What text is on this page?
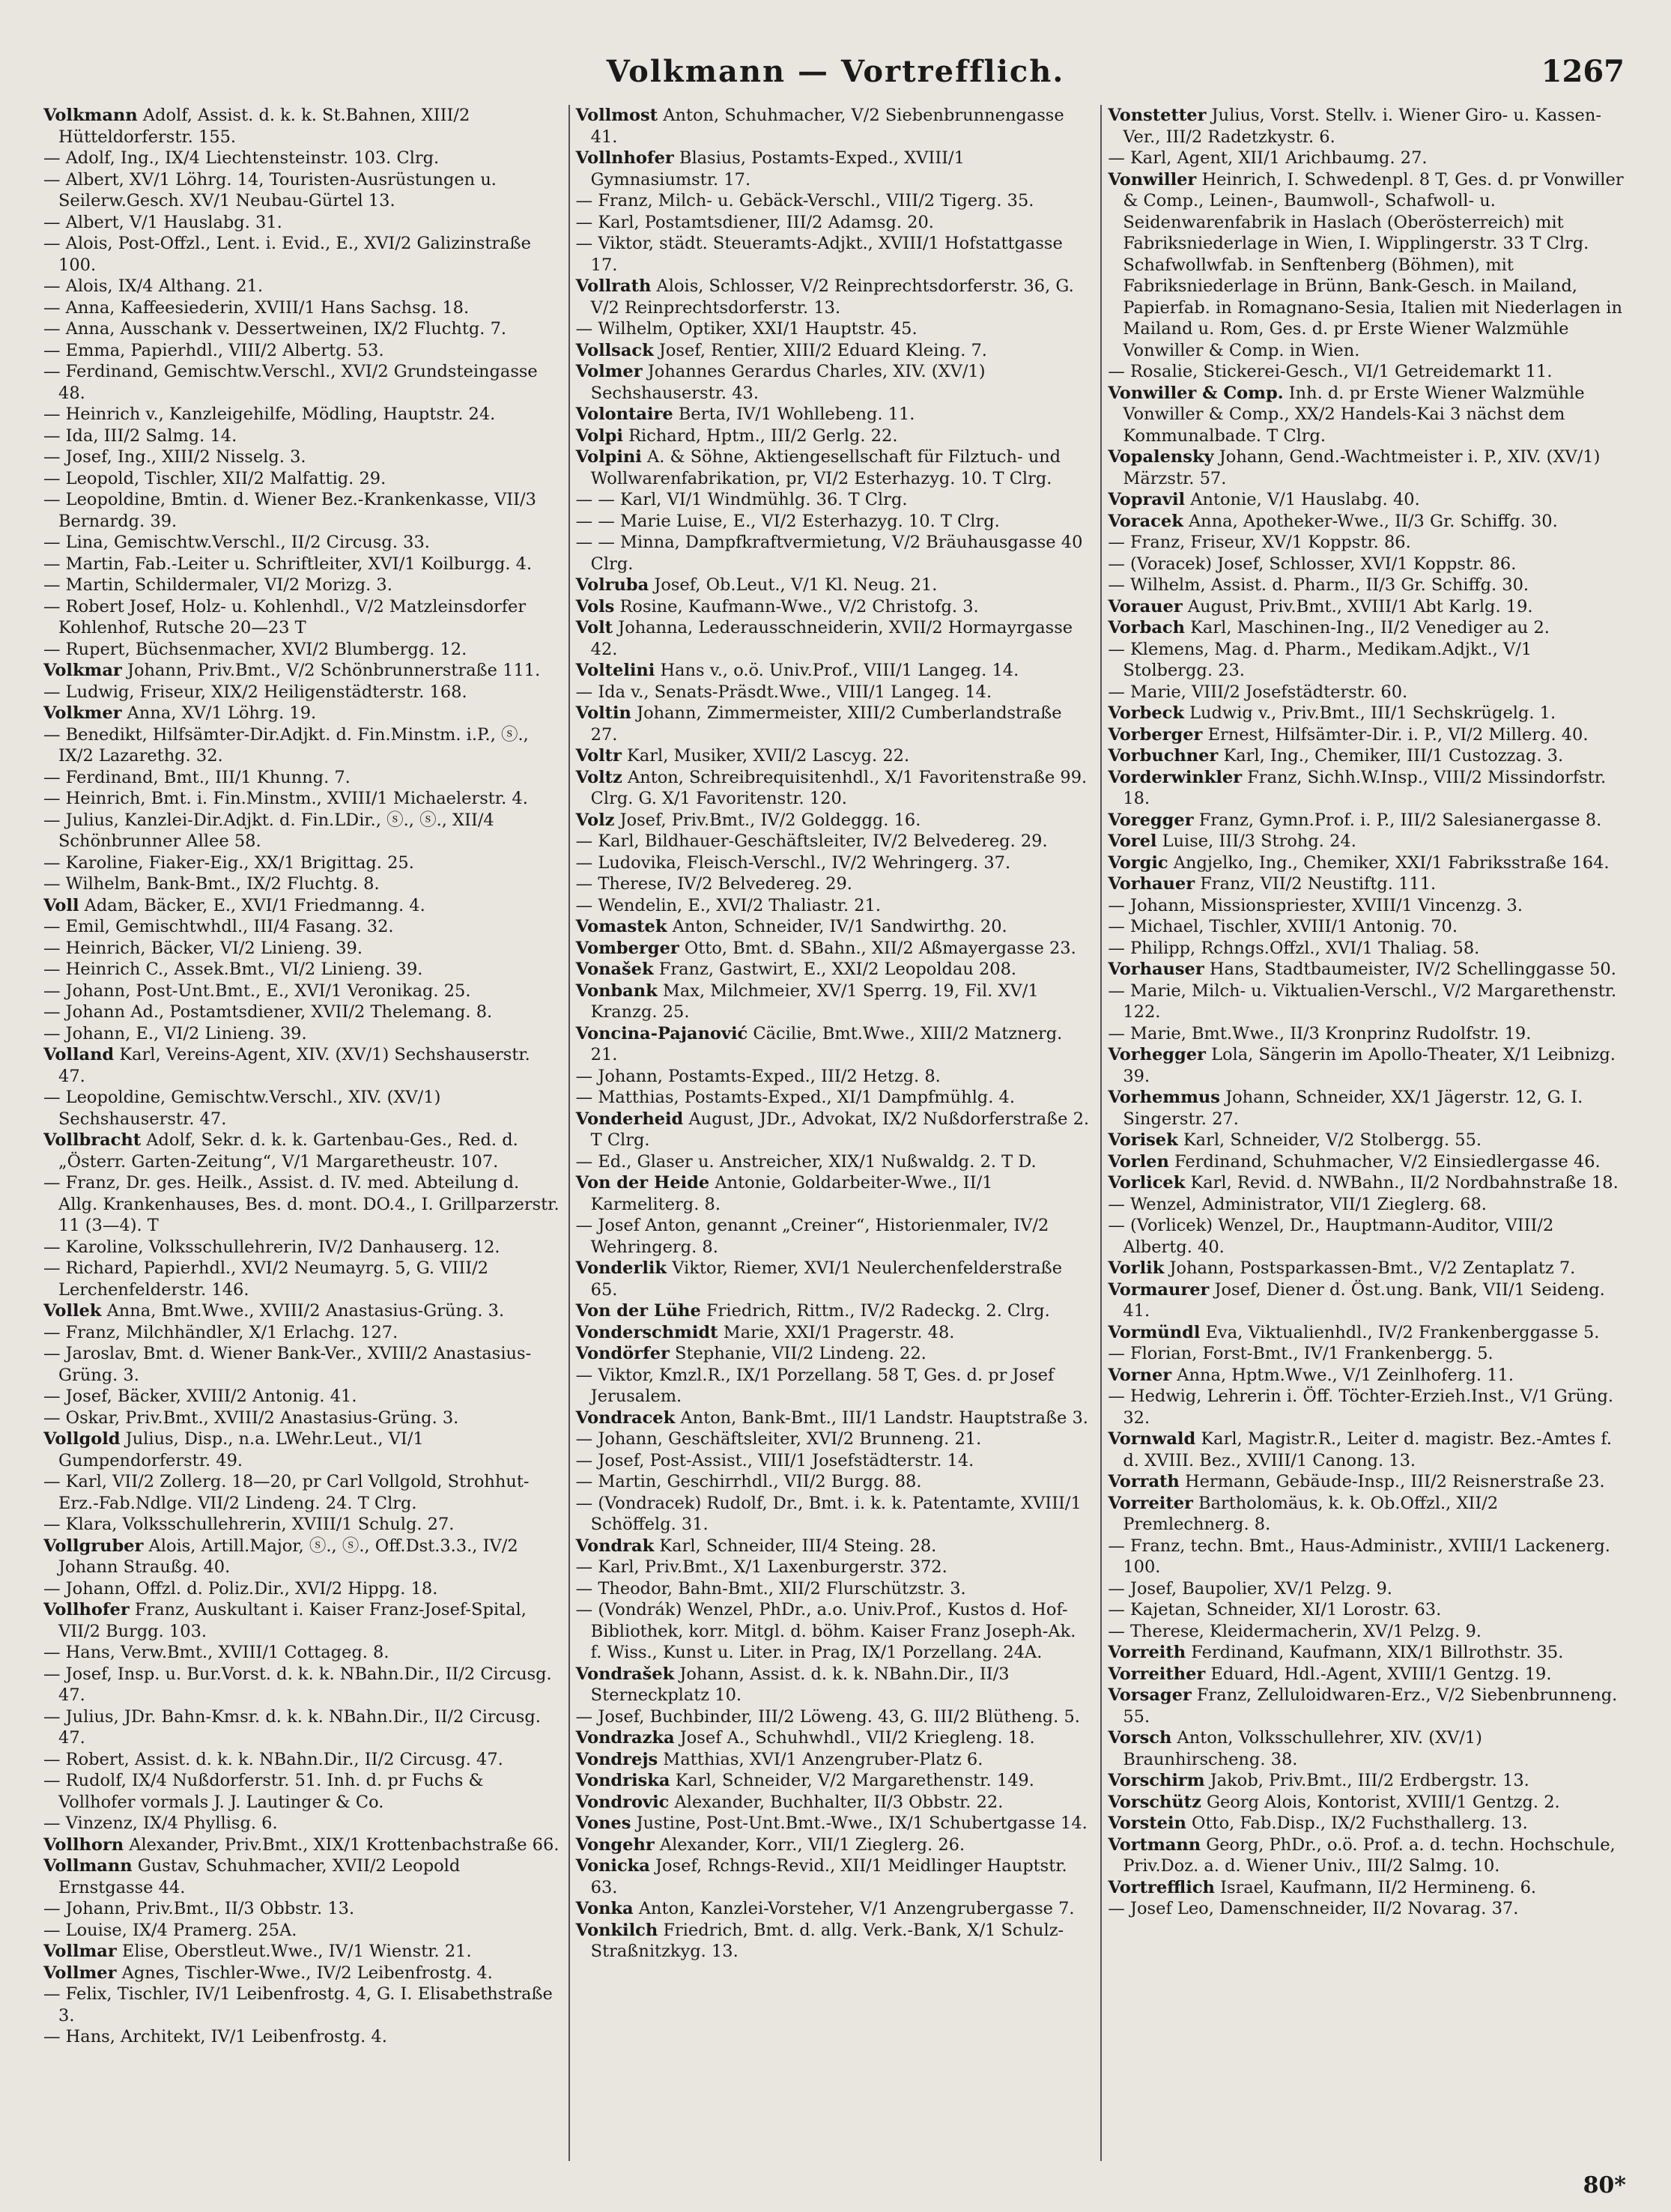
Volkmann — Vortrefflich.	1267

Volkmann Adolf, Assist. d. k. k. St.Bahnen, XIII/2 Hütteldorferstr. 155.

— Adolf, Ing., IX/4 Liechtensteinstr. 103. Clrg.

— Albert, XV/1 Löhrg. 14, Touristen-Ausrüstungen u. Seilerw.Gesch. XV/1 Neubau-Gürtel 13.

— Albert, V/1 Hauslabg. 31.

— Alois, Post-Offzl., Lent. i. Evid., E., XVI/2 Galizinstraße 100.

— Alois, IX/4 Althang. 21.

— Anna, Kaffeesiederin, XVIII/1 Hans Sachsg. 18.

— Anna, Ausschank v. Dessertweinen, IX/2 Fluchtg. 7.

— Emma, Papierhdl., VIII/2 Albertg. 53.

— Ferdinand, Gemischtw.Verschl., XVI/2 Grundsteingasse 48.

— Heinrich v., Kanzleigehilfe, Mödling, Hauptstr. 24.

— Ida, III/2 Salmg. 14.

— Josef, Ing., XIII/2 Nisselg. 3.

— Leopold, Tischler, XII/2 Malfattig. 29.

— Leopoldine, Bmtin. d. Wiener Bez.-Krankenkasse, VII/3 Bernardg. 39.

— Lina, Gemischtw.Verschl., II/2 Circusg. 33.

— Martin, Fab.-Leiter u. Schriftleiter, XVI/1 Koilburgg. 4.

— Martin, Schildermaler, VI/2 Morizg. 3.

— Robert Josef, Holz- u. Kohlenhdl., V/2 Matzleinsdorfer Kohlenhof, Rutsche 20—23 T

— Rupert, Büchsenmacher, XVI/2 Blumbergg. 12.

Volkmar Johann, Priv.Bmt., V/2 Schönbrunnerstraße 111.

— Ludwig, Friseur, XIX/2 Heiligenstädterstr. 168.

Volkmer Anna, XV/1 Löhrg. 19.

— Benedikt, Hilfsämter-Dir.Adjkt. d. Fin.Minstm. i.P., ⓢ., IX/2 Lazarethg. 32.

— Ferdinand, Bmt., III/1 Khunng. 7.

— Heinrich, Bmt. i. Fin.Minstm., XVIII/1 Michaelerstr. 4.

— Julius, Kanzlei-Dir.Adjkt. d. Fin.LDir., ⓢ., ⓢ., XII/4 Schönbrunner Allee 58.

— Karoline, Fiaker-Eig., XX/1 Brigittag. 25.

— Wilhelm, Bank-Bmt., IX/2 Fluchtg. 8.

Voll Adam, Bäcker, E., XVI/1 Friedmanng. 4.

— Emil, Gemischtwhdl., III/4 Fasang. 32.

— Heinrich, Bäcker, VI/2 Linieng. 39.

— Heinrich C., Assek.Bmt., VI/2 Linieng. 39.

— Johann, Post-Unt.Bmt., E., XVI/1 Veronikag. 25.

— Johann Ad., Postamtsdiener, XVII/2 Thelemang. 8.

— Johann, E., VI/2 Linieng. 39.

Volland Karl, Vereins-Agent, XIV. (XV/1) Sechshauserstr. 47.

— Leopoldine, Gemischtw.Verschl., XIV. (XV/1) Sechshauserstr. 47.

Vollbracht Adolf, Sekr. d. k. k. Gartenbau-Ges., Red. d. „Österr. Garten-Zeitung“, V/1 Margaretheustr. 107.

— Franz, Dr. ges. Heilk., Assist. d. IV. med. Abteilung d. Allg. Krankenhauses, Bes. d. mont. DO.4., I. Grillparzerstr. 11 (3—4). T

— Karoline, Volksschullehrerin, IV/2 Danhauserg. 12.

— Richard, Papierhdl., XVI/2 Neumayrg. 5, G. VIII/2 Lerchenfelderstr. 146.

Vollek Anna, Bmt.Wwe., XVIII/2 Anastasius-Grüng. 3.

— Franz, Milchhändler, X/1 Erlachg. 127.

— Jaroslav, Bmt. d. Wiener Bank-Ver., XVIII/2 Anastasius-Grüng. 3.

— Josef, Bäcker, XVIII/2 Antonig. 41.

— Oskar, Priv.Bmt., XVIII/2 Anastasius-Grüng. 3.

Vollgold Julius, Disp., n.a. LWehr.Leut., VI/1 Gumpendorferstr. 49.

— Karl, VII/2 Zollerg. 18—20, pr Carl Vollgold, Strohhut-Erz.-Fab.Ndlge. VII/2 Lindeng. 24. T Clrg.

— Klara, Volksschullehrerin, XVIII/1 Schulg. 27.

Vollgruber Alois, Artill.Major, ⓢ., ⓢ., Off.Dst.3.3., IV/2 Johann Straußg. 40.

— Johann, Offzl. d. Poliz.Dir., XVI/2 Hippg. 18.

Vollhofer Franz, Auskultant i. Kaiser Franz-Josef-Spital, VII/2 Burgg. 103.

— Hans, Verw.Bmt., XVIII/1 Cottageg. 8.

— Josef, Insp. u. Bur.Vorst. d. k. k. NBahn.Dir., II/2 Circusg. 47.

— Julius, JDr. Bahn-Kmsr. d. k. k. NBahn.Dir., II/2 Circusg. 47.

— Robert, Assist. d. k. k. NBahn.Dir., II/2 Circusg. 47.

— Rudolf, IX/4 Nußdorferstr. 51. Inh. d. pr Fuchs & Vollhofer vormals J. J. Lautinger & Co.

— Vinzenz, IX/4 Phyllisg. 6.

Vollhorn Alexander, Priv.Bmt., XIX/1 Krottenbachstraße 66.

Vollmann Gustav, Schuhmacher, XVII/2 Leopold Ernstgasse 44.

— Johann, Priv.Bmt., II/3 Obbstr. 13.

— Louise, IX/4 Pramerg. 25A.

Vollmar Elise, Oberstleut.Wwe., IV/1 Wienstr. 21.

Vollmer Agnes, Tischler-Wwe., IV/2 Leibenfrostg. 4.

— Felix, Tischler, IV/1 Leibenfrostg. 4, G. I. Elisabethstraße 3.

— Hans, Architekt, IV/1 Leibenfrostg. 4.

Vollmost Anton, Schuhmacher, V/2 Siebenbrunnengasse 41.

Vollnhofer Blasius, Postamts-Exped., XVIII/1 Gymnasiumstr. 17.

— Franz, Milch- u. Gebäck-Verschl., VIII/2 Tigerg. 35.

— Karl, Postamtsdiener, III/2 Adamsg. 20.

— Viktor, städt. Steueramts-Adjkt., XVIII/1 Hofstattgasse 17.

Vollrath Alois, Schlosser, V/2 Reinprechtsdorferstr. 36, G. V/2 Reinprechtsdorferstr. 13.

— Wilhelm, Optiker, XXI/1 Hauptstr. 45.

Vollsack Josef, Rentier, XIII/2 Eduard Kleing. 7.

Volmer Johannes Gerardus Charles, XIV. (XV/1) Sechshauserstr. 43.

Volontaire Berta, IV/1 Wohllebeng. 11.

Volpi Richard, Hptm., III/2 Gerlg. 22.

Volpini A. & Söhne, Aktiengesellschaft für Filztuch- und Wollwarenfabrikation, pr, VI/2 Esterhazyg. 10. T Clrg.

— — Karl, VI/1 Windmühlg. 36. T Clrg.

— — Marie Luise, E., VI/2 Esterhazyg. 10. T Clrg.

— — Minna, Dampfkraftvermietung, V/2 Bräuhausgasse 40 Clrg.

Volruba Josef, Ob.Leut., V/1 Kl. Neug. 21.

Vols Rosine, Kaufmann-Wwe., V/2 Christofg. 3.

Volt Johanna, Lederausschneiderin, XVII/2 Hormayrgasse 42.

Voltelini Hans v., o.ö. Univ.Prof., VIII/1 Langeg. 14.

— Ida v., Senats-Präsdt.Wwe., VIII/1 Langeg. 14.

Voltin Johann, Zimmermeister, XIII/2 Cumberlandstraße 27.

Voltr Karl, Musiker, XVII/2 Lascyg. 22.

Voltz Anton, Schreibrequisitenhdl., X/1 Favoritenstraße 99. Clrg. G. X/1 Favoritenstr. 120.

Volz Josef, Priv.Bmt., IV/2 Goldeggg. 16.

— Karl, Bildhauer-Geschäftsleiter, IV/2 Belvedereg. 29.

— Ludovika, Fleisch-Verschl., IV/2 Wehringerg. 37.

— Therese, IV/2 Belvedereg. 29.

— Wendelin, E., XVI/2 Thaliastr. 21.

Vomastek Anton, Schneider, IV/1 Sandwirthg. 20.

Vomberger Otto, Bmt. d. SBahn., XII/2 Aßmayergasse 23.

Vonašek Franz, Gastwirt, E., XXI/2 Leopoldau 208.

Vonbank Max, Milchmeier, XV/1 Sperrg. 19, Fil. XV/1 Kranzg. 25.

Voncina-Pajanović Cäcilie, Bmt.Wwe., XIII/2 Matznerg. 21.

— Johann, Postamts-Exped., III/2 Hetzg. 8.

— Matthias, Postamts-Exped., XI/1 Dampfmühlg. 4.

Vonderheid August, JDr., Advokat, IX/2 Nußdorferstraße 2. T Clrg.

— Ed., Glaser u. Anstreicher, XIX/1 Nußwaldg. 2. T D.

Von der Heide Antonie, Goldarbeiter-Wwe., II/1 Karmeliterg. 8.

— Josef Anton, genannt „Creiner“, Historienmaler, IV/2 Wehringerg. 8.

Vonderlik Viktor, Riemer, XVI/1 Neulerchenfelderstraße 65.

Von der Lühe Friedrich, Rittm., IV/2 Radeckg. 2. Clrg.

Vonderschmidt Marie, XXI/1 Pragerstr. 48.

Vondörfer Stephanie, VII/2 Lindeng. 22.

— Viktor, Kmzl.R., IX/1 Porzellang. 58 T, Ges. d. pr Josef Jerusalem.

Vondracek Anton, Bank-Bmt., III/1 Landstr. Hauptstraße 3.

— Johann, Geschäftsleiter, XVI/2 Brunneng. 21.

— Josef, Post-Assist., VIII/1 Josefstädterstr. 14.

— Martin, Geschirrhdl., VII/2 Burgg. 88.

— (Vondracek) Rudolf, Dr., Bmt. i. k. k. Patentamte, XVIII/1 Schöffelg. 31.

Vondrak Karl, Schneider, III/4 Steing. 28.

— Karl, Priv.Bmt., X/1 Laxenburgerstr. 372.

— Theodor, Bahn-Bmt., XII/2 Flurschützstr. 3.

— (Vondrák) Wenzel, PhDr., a.o. Univ.Prof., Kustos d. Hof-Bibliothek, korr. Mitgl. d. böhm. Kaiser Franz Joseph-Ak. f. Wiss., Kunst u. Liter. in Prag, IX/1 Porzellang. 24A.

Vondrašek Johann, Assist. d. k. k. NBahn.Dir., II/3 Sterneckplatz 10.

— Josef, Buchbinder, III/2 Löweng. 43, G. III/2 Blütheng. 5.

Vondrazka Josef A., Schuhwhdl., VII/2 Kriegleng. 18.

Vondrejs Matthias, XVI/1 Anzengruber-Platz 6.

Vondriska Karl, Schneider, V/2 Margarethenstr. 149.

Vondrovic Alexander, Buchhalter, II/3 Obbstr. 22.

Vones Justine, Post-Unt.Bmt.-Wwe., IX/1 Schubertgasse 14.

Vongehr Alexander, Korr., VII/1 Zieglerg. 26.

Vonicka Josef, Rchngs-Revid., XII/1 Meidlinger Hauptstr. 63.

Vonka Anton, Kanzlei-Vorsteher, V/1 Anzengrubergasse 7.

Vonkilch Friedrich, Bmt. d. allg. Verk.-Bank, X/1 Schulz-Straßnitzkyg. 13.

Vonstetter Julius, Vorst. Stellv. i. Wiener Giro- u. Kassen-Ver., III/2 Radetzkystr. 6.

— Karl, Agent, XII/1 Arichbaumg. 27.

Vonwiller Heinrich, I. Schwedenpl. 8 T, Ges. d. pr Vonwiller & Comp., Leinen-, Baumwoll-, Schafwoll- u. Seidenwarenfabrik in Haslach (Oberösterreich) mit Fabriksniederlage in Wien, I. Wipplingerstr. 33 T Clrg. Schafwollwfab. in Senftenberg (Böhmen), mit Fabriksniederlage in Brünn, Bank-Gesch. in Mailand, Papierfab. in Romagnano-Sesia, Italien mit Niederlagen in Mailand u. Rom, Ges. d. pr Erste Wiener Walzmühle Vonwiller & Comp. in Wien.

— Rosalie, Stickerei-Gesch., VI/1 Getreidemarkt 11.

Vonwiller & Comp. Inh. d. pr Erste Wiener Walzmühle Vonwiller & Comp., XX/2 Handels-Kai 3 nächst dem Kommunalbade. T Clrg.

Vopalensky Johann, Gend.-Wachtmeister i. P., XIV. (XV/1) Märzstr. 57.

Vopravil Antonie, V/1 Hauslabg. 40.

Voracek Anna, Apotheker-Wwe., II/3 Gr. Schiffg. 30.

— Franz, Friseur, XV/1 Koppstr. 86.

— (Voracek) Josef, Schlosser, XVI/1 Koppstr. 86.

— Wilhelm, Assist. d. Pharm., II/3 Gr. Schiffg. 30.

Vorauer August, Priv.Bmt., XVIII/1 Abt Karlg. 19.

Vorbach Karl, Maschinen-Ing., II/2 Venediger au 2.

— Klemens, Mag. d. Pharm., Medikam.Adjkt., V/1 Stolbergg. 23.

— Marie, VIII/2 Josefstädterstr. 60.

Vorbeck Ludwig v., Priv.Bmt., III/1 Sechskrügelg. 1.

Vorberger Ernest, Hilfsämter-Dir. i. P., VI/2 Millerg. 40.

Vorbuchner Karl, Ing., Chemiker, III/1 Custozzag. 3.

Vorderwinkler Franz, Sichh.W.Insp., VIII/2 Missindorfstr. 18.

Voregger Franz, Gymn.Prof. i. P., III/2 Salesianergasse 8.

Vorel Luise, III/3 Strohg. 24.

Vorgic Angjelko, Ing., Chemiker, XXI/1 Fabriksstraße 164.

Vorhauer Franz, VII/2 Neustiftg. 111.

— Johann, Missionspriester, XVIII/1 Vincenzg. 3.

— Michael, Tischler, XVIII/1 Antonig. 70.

— Philipp, Rchngs.Offzl., XVI/1 Thaliag. 58.

Vorhauser Hans, Stadtbaumeister, IV/2 Schellinggasse 50.

— Marie, Milch- u. Viktualien-Verschl., V/2 Margarethenstr. 122.

— Marie, Bmt.Wwe., II/3 Kronprinz Rudolfstr. 19.

Vorhegger Lola, Sängerin im Apollo-Theater, X/1 Leibnizg. 39.

Vorhemmus Johann, Schneider, XX/1 Jägerstr. 12, G. I. Singerstr. 27.

Vorisek Karl, Schneider, V/2 Stolbergg. 55.

Vorlen Ferdinand, Schuhmacher, V/2 Einsiedlergasse 46.

Vorlicek Karl, Revid. d. NWBahn., II/2 Nordbahnstraße 18.

— Wenzel, Administrator, VII/1 Zieglerg. 68.

— (Vorlicek) Wenzel, Dr., Hauptmann-Auditor, VIII/2 Albertg. 40.

Vorlik Johann, Postsparkassen-Bmt., V/2 Zentaplatz 7.

Vormaurer Josef, Diener d. Öst.ung. Bank, VII/1 Seideng. 41.

Vormündl Eva, Viktualienhdl., IV/2 Frankenberggasse 5.

— Florian, Forst-Bmt., IV/1 Frankenbergg. 5.

Vorner Anna, Hptm.Wwe., V/1 Zeinlhoferg. 11.

— Hedwig, Lehrerin i. Öff. Töchter-Erzieh.Inst., V/1 Grüng. 32.

Vornwald Karl, Magistr.R., Leiter d. magistr. Bez.-Amtes f. d. XVIII. Bez., XVIII/1 Canong. 13.

Vorrath Hermann, Gebäude-Insp., III/2 Reisnerstraße 23.

Vorreiter Bartholomäus, k. k. Ob.Offzl., XII/2 Premlechnerg. 8.

— Franz, techn. Bmt., Haus-Administr., XVIII/1 Lackenerg. 100.

— Josef, Baupolier, XV/1 Pelzg. 9.

— Kajetan, Schneider, XI/1 Lorostr. 63.

— Therese, Kleidermacherin, XV/1 Pelzg. 9.

Vorreith Ferdinand, Kaufmann, XIX/1 Billrothstr. 35.

Vorreither Eduard, Hdl.-Agent, XVIII/1 Gentzg. 19.

Vorsager Franz, Zelluloidwaren-Erz., V/2 Siebenbrunneng. 55.

Vorsch Anton, Volksschullehrer, XIV. (XV/1) Braunhirscheng. 38.

Vorschirm Jakob, Priv.Bmt., III/2 Erdbergstr. 13.

Vorschütz Georg Alois, Kontorist, XVIII/1 Gentzg. 2.

Vorstein Otto, Fab.Disp., IX/2 Fuchsthallerg. 13.

Vortmann Georg, PhDr., o.ö. Prof. a. d. techn. Hochschule, Priv.Doz. a. d. Wiener Univ., III/2 Salmg. 10.

Vortrefflich Israel, Kaufmann, II/2 Hermineng. 6.

— Josef Leo, Damenschneider, II/2 Novarag. 37.

80*
